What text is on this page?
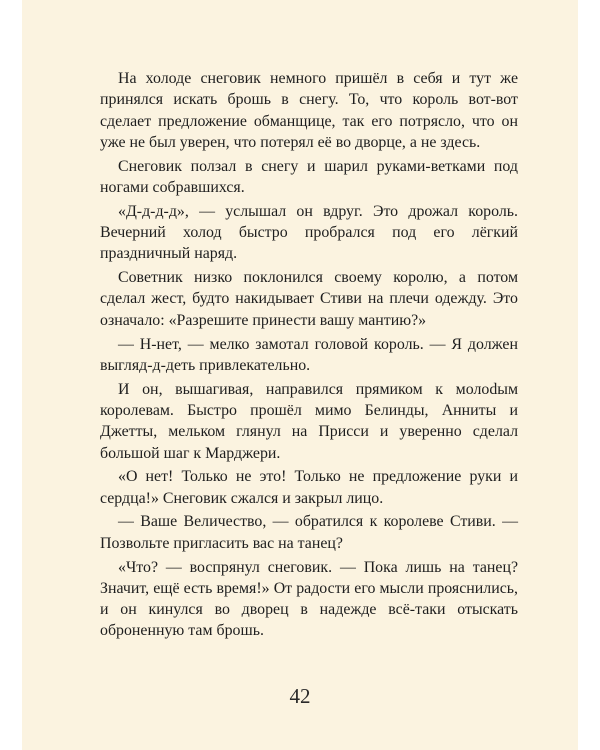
На холоде снеговик немного пришёл в себя и тут же принялся искать брошь в снегу. То, что король вот-вот сделает предложение обманщице, так его потрясло, что он уже не был уверен, что потерял её во дворце, а не здесь.

Снеговик ползал в снегу и шарил руками-ветками под ногами собравшихся.

«Д-д-д-д», — услышал он вдруг. Это дрожал король. Вечерний холод быстро пробрался под его лёгкий праздничный наряд.

Советник низко поклонился своему королю, а потом сделал жест, будто накидывает Стиви на плечи одежду. Это означало: «Разрешите принести вашу мантию?»

— Н-нет, — мелко замотал головой король. — Я должен выгляд-д-деть привлекательно.

И он, вышагивая, направился прямиком к молоdым королевам. Быстро прошёл мимо Белинды, Анниты и Джетты, мельком глянул на Присси и уверенно сделал большой шаг к Марджери.

«О нет! Только не это! Только не предложение руки и сердца!» Снеговик сжался и закрыл лицо.

— Ваше Величество, — обратился к королеве Стиви. — Позвольте пригласить вас на танец?

«Что? — воспрянул снеговик. — Пока лишь на танец? Значит, ещё есть время!» От радости его мысли прояснились, и он кинулся во дворец в надежде всё-таки отыскать оброненную там брошь.

42
